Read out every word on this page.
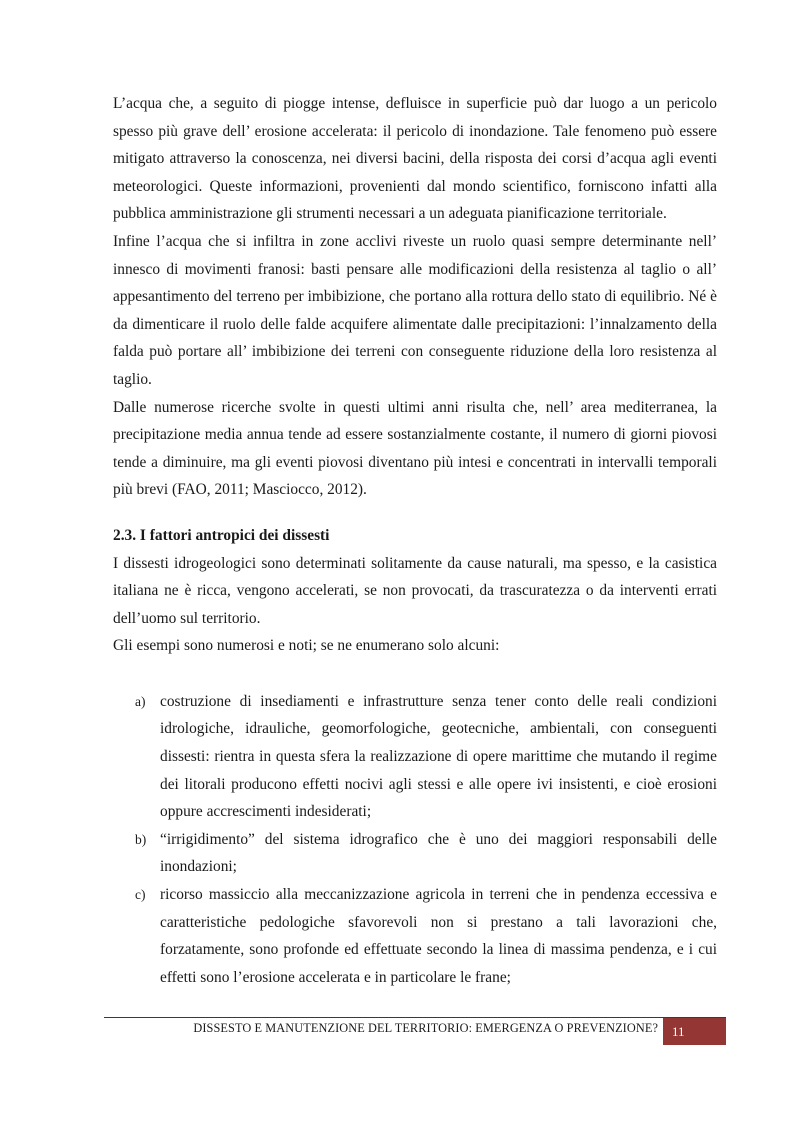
L’acqua che, a seguito di piogge intense, defluisce in superficie può dar luogo a un pericolo spesso più grave dell’ erosione accelerata: il pericolo di inondazione. Tale fenomeno può essere mitigato attraverso la conoscenza, nei diversi bacini, della risposta dei corsi d’acqua agli eventi meteorologici. Queste informazioni, provenienti dal mondo scientifico, forniscono infatti alla pubblica amministrazione gli strumenti necessari a un adeguata pianificazione territoriale.

Infine l’acqua che si infiltra in zone acclivi riveste un ruolo quasi sempre determinante nell’ innesco di movimenti franosi: basti pensare alle modificazioni della resistenza al taglio o all’ appesantimento del terreno per imbibizione, che portano alla rottura dello stato di equilibrio. Né è da dimenticare il ruolo delle falde acquifere alimentate dalle precipitazioni: l’innalzamento della falda può portare all’ imbibizione dei terreni con conseguente riduzione della loro resistenza al taglio.

Dalle numerose ricerche svolte in questi ultimi anni risulta che, nell’ area mediterranea, la precipitazione media annua tende ad essere sostanzialmente costante, il numero di giorni piovosi tende a diminuire, ma gli eventi piovosi diventano più intesi e concentrati in intervalli temporali più brevi (FAO, 2011; Masciocco, 2012).

2.3. I fattori antropici dei dissesti

I dissesti idrogeologici sono determinati solitamente da cause naturali, ma spesso, e la casistica italiana ne è ricca, vengono accelerati, se non provocati, da trascuratezza o da interventi errati dell’uomo sul territorio.

Gli esempi sono numerosi e noti; se ne enumerano solo alcuni:

a) costruzione di insediamenti e infrastrutture senza tener conto delle reali condizioni idrologiche, idrauliche, geomorfologiche, geotecniche, ambientali, con conseguenti dissesti: rientra in questa sfera la realizzazione di opere marittime che mutando il regime dei litorali producono effetti nocivi agli stessi e alle opere ivi insistenti, e cioè erosioni oppure accrescimenti indesiderati;
b) “irrigidimento” del sistema idrografico che è uno dei maggiori responsabili delle inondazioni;
c) ricorso massiccio alla meccanizzazione agricola in terreni che in pendenza eccessiva e caratteristiche pedologiche sfavorevoli non si prestano a tali lavorazioni che, forzatamente, sono profonde ed effettuate secondo la linea di massima pendenza, e i cui effetti sono l’erosione accelerata e in particolare le frane;
DISSESTO E MANUTENZIONE DEL TERRITORIO: EMERGENZA O PREVENZIONE? 11
